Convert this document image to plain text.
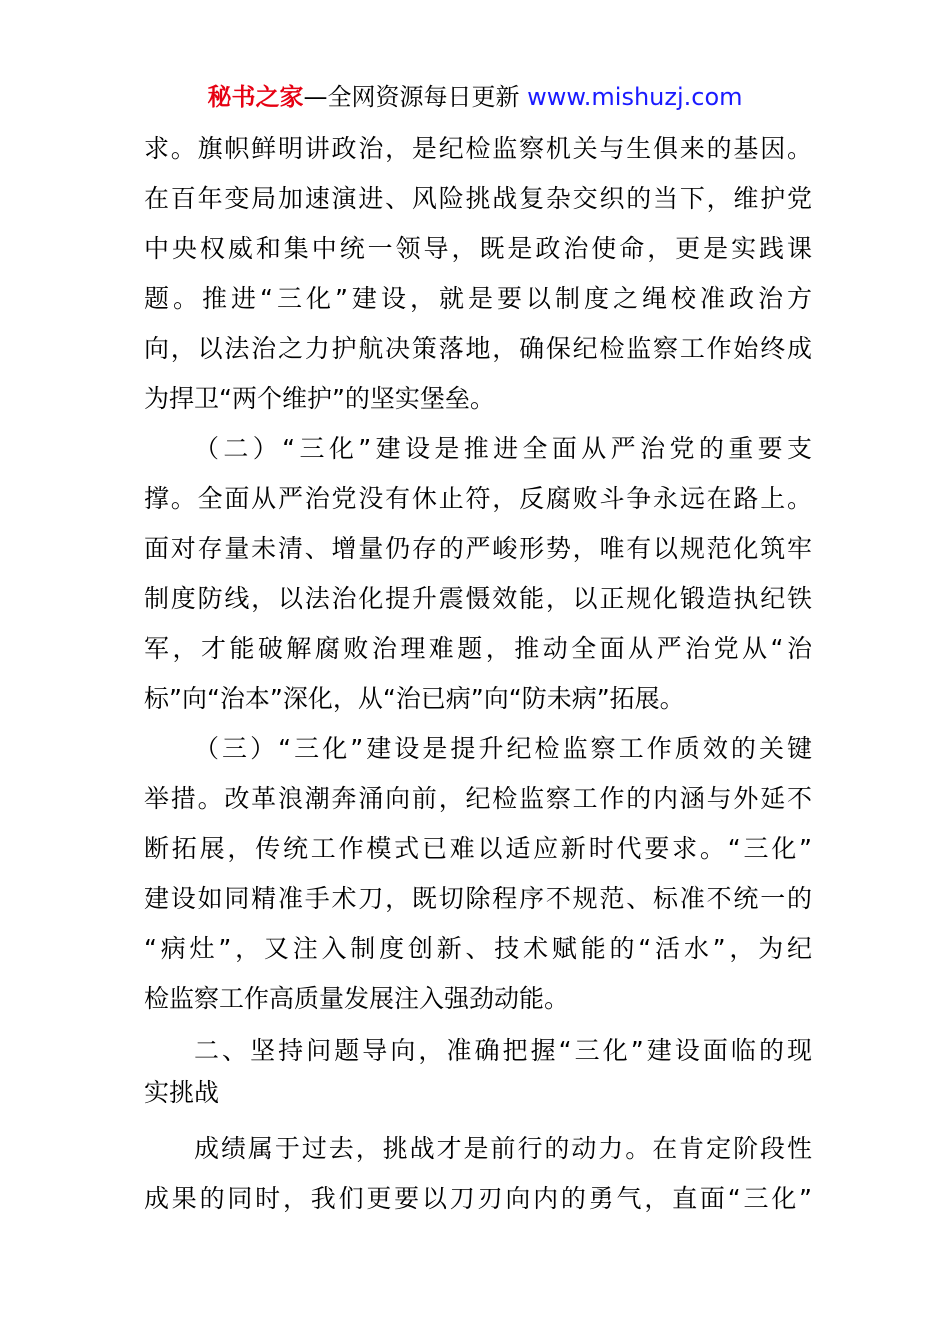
秘书之家—全网资源每日更新 www.mishuzj.com
求。旗帜鲜明讲政治，是纪检监察机关与生俱来的基因。
在百年变局加速演进、风险挑战复杂交织的当下，维护党
中央权威和集中统一领导，既是政治使命，更是实践课
题。推进“三化”建设，就是要以制度之绳校准政治方
向，以法治之力护航决策落地，确保纪检监察工作始终成
为捍卫“两个维护”的坚实堡垒。
（二）“三化”建设是推进全面从严治党的重要支
撑。全面从严治党没有休止符，反腐败斗争永远在路上。
面对存量未清、增量仍存的严峻形势，唯有以规范化筑牢
制度防线，以法治化提升震慑效能，以正规化锻造执纪铁
军，才能破解腐败治理难题，推动全面从严治党从“治
标”向“治本”深化，从“治已病”向“防未病”拓展。
（三）“三化”建设是提升纪检监察工作质效的关键
举措。改革浪潮奔涌向前，纪检监察工作的内涵与外延不
断拓展，传统工作模式已难以适应新时代要求。“三化”
建设如同精准手术刀，既切除程序不规范、标准不统一的
“病灶”，又注入制度创新、技术赋能的“活水”，为纪
检监察工作高质量发展注入强劲动能。
二、坚持问题导向，准确把握“三化”建设面临的现
实挑战
成绩属于过去，挑战才是前行的动力。在肯定阶段性
成果的同时，我们更要以刀刃向内的勇气，直面“三化”
